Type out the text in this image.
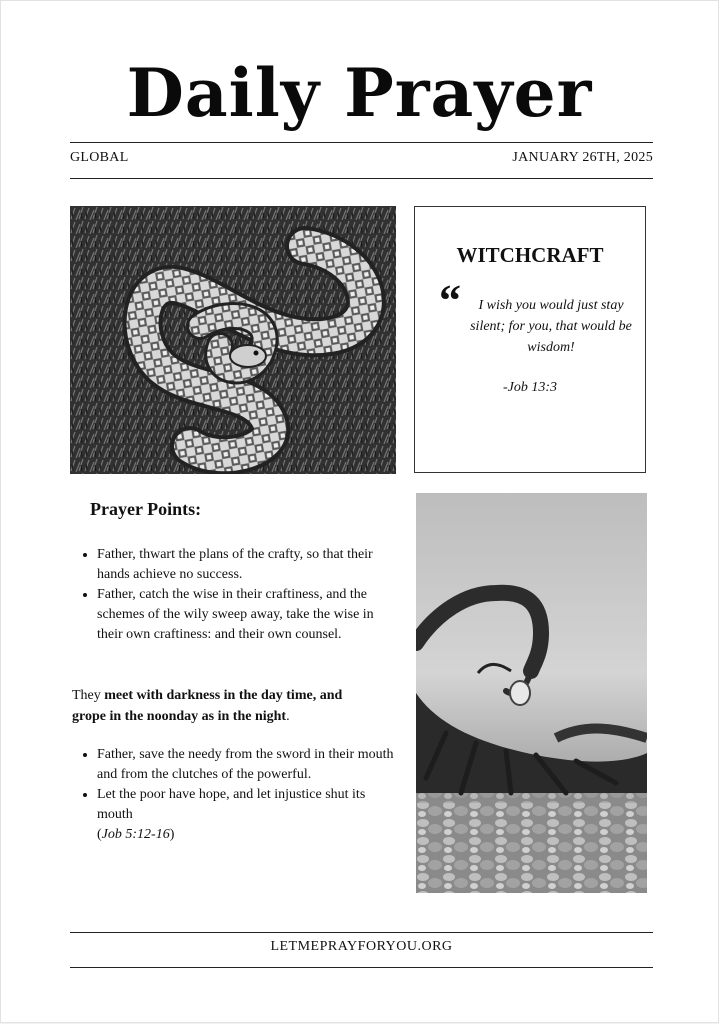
Daily Prayer
GLOBAL	JANUARY 26TH, 2025
WITCHCRAFT
“	I wish you would just stay silent; for you, that would be wisdom!
-Job 13:3
Prayer Points:
• Father, thwart the plans of the crafty, so that their hands achieve no success.
• Father, catch the wise in their craftiness, and the schemes of the wily sweep away, take the wise in their own craftiness: and their own counsel.
They meet with darkness in the day time, and grope in the noonday as in the night.
• Father, save the needy from the sword in their mouth and from the clutches of the powerful.
• Let the poor have hope, and let injustice shut its mouth
(Job 5:12-16)
LETMEPRAYFORYOU.ORG
